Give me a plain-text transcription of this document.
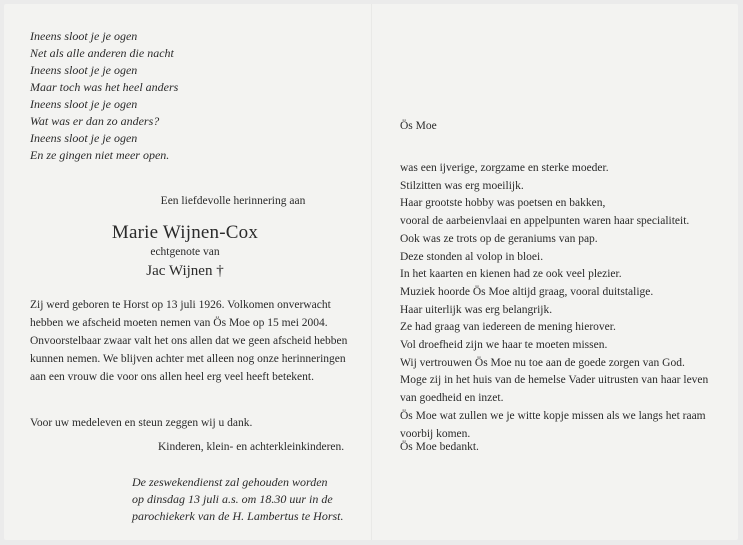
Ineens sloot je je ogen
Net als alle anderen die nacht
Ineens sloot je je ogen
Maar toch was het heel anders
Ineens sloot je je ogen
Wat was er dan zo anders?
Ineens sloot je je ogen
En ze gingen niet meer open.
Een liefdevolle herinnering aan
Marie Wijnen-Cox
echtgenote van
Jac Wijnen †
Zij werd geboren te Horst op 13 juli 1926. Volkomen onverwacht
hebben we afscheid moeten nemen van Ös Moe op 15 mei 2004.
Onvoorstelbaar zwaar valt het ons allen dat we geen afscheid hebben
kunnen nemen. We blijven achter met alleen nog onze herinneringen
aan een vrouw die voor ons allen heel erg veel heeft betekent.
Voor uw medeleven en steun zeggen wij u dank.
Kinderen, klein- en achterkleinkinderen.
De zeswekendienst zal gehouden worden
op dinsdag 13 juli a.s. om 18.30 uur in de
parochiekerk van de H. Lambertus te Horst.
Ös Moe
was een ijverige, zorgzame en sterke moeder.
Stilzitten was erg moeilijk.
Haar grootste hobby was poetsen en bakken,
vooral de aarbeienvlaai en appelpunten waren haar specialiteit.
Ook was ze trots op de geraniums van pap.
Deze stonden al volop in bloei.
In het kaarten en kienen had ze ook veel plezier.
Muziek hoorde Ös Moe altijd graag, vooral duitstalige.
Haar uiterlijk was erg belangrijk.
Ze had graag van iedereen de mening hierover.
Vol droefheid zijn we haar te moeten missen.
Wij vertrouwen Ös Moe nu toe aan de goede zorgen van God.
Moge zij in het huis van de hemelse Vader uitrusten van haar leven
van goedheid en inzet.
Ös Moe wat zullen we je witte kopje missen als we langs het raam
voorbij komen.
Ös Moe bedankt.
